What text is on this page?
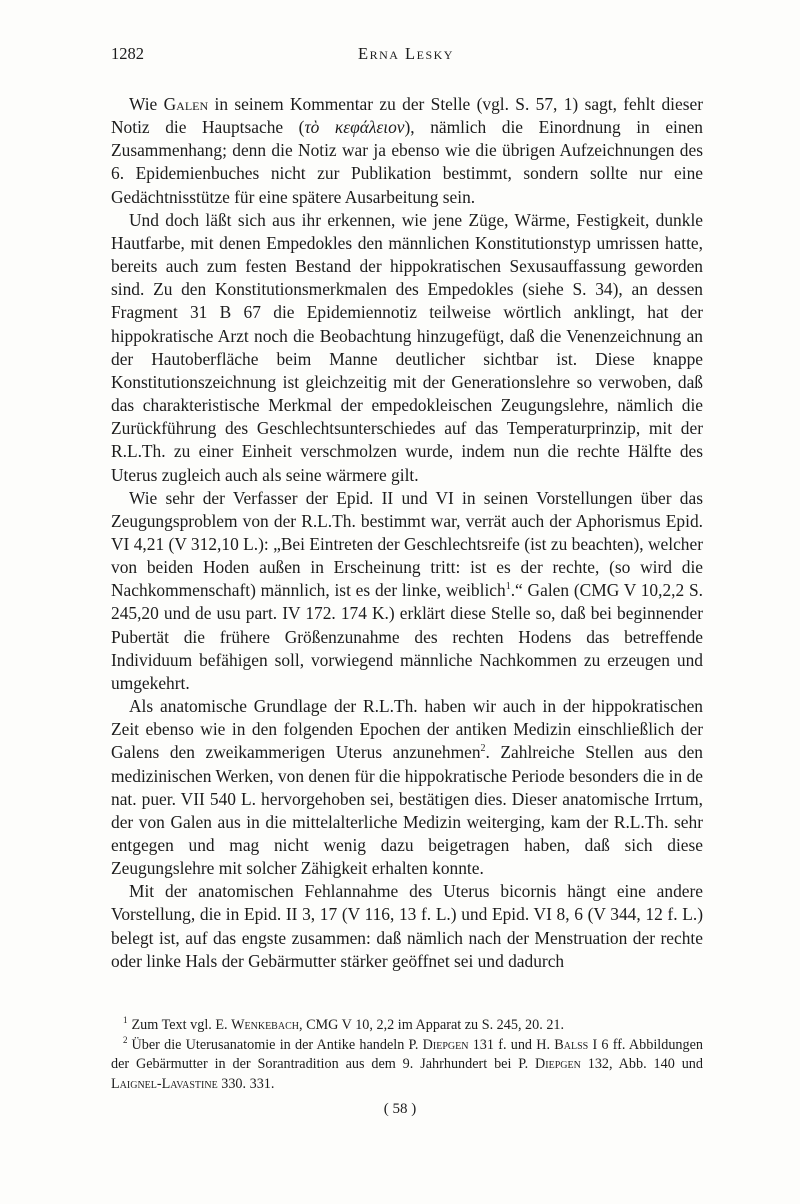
1282	Erna Lesky

Wie Galen in seinem Kommentar zu der Stelle (vgl. S. 57, 1) sagt, fehlt dieser Notiz die Hauptsache (τὸ κεφάλειον), nämlich die Einordnung in einen Zusammenhang; denn die Notiz war ja ebenso wie die übrigen Aufzeichnungen des 6. Epidemienbuches nicht zur Publikation bestimmt, sondern sollte nur eine Gedächtnisstütze für eine spätere Ausarbeitung sein.

Und doch läßt sich aus ihr erkennen, wie jene Züge, Wärme, Festigkeit, dunkle Hautfarbe, mit denen Empedokles den männlichen Konstitutionstyp umrissen hatte, bereits auch zum festen Bestand der hippokratischen Sexusauffassung geworden sind. Zu den Konstitutionsmerkmalen des Empedokles (siehe S. 34), an dessen Fragment 31 B 67 die Epidemiennotiz teilweise wörtlich anklingt, hat der hippokratische Arzt noch die Beobachtung hinzugefügt, daß die Venenzeichnung an der Hautoberfläche beim Manne deutlicher sichtbar ist. Diese knappe Konstitutionszeichnung ist gleichzeitig mit der Generationslehre so verwoben, daß das charakteristische Merkmal der empedokleischen Zeugungslehre, nämlich die Zurückführung des Geschlechtsunterschiedes auf das Temperaturprinzip, mit der R.L.Th. zu einer Einheit verschmolzen wurde, indem nun die rechte Hälfte des Uterus zugleich auch als seine wärmere gilt.

Wie sehr der Verfasser der Epid. II und VI in seinen Vorstellungen über das Zeugungsproblem von der R.L.Th. bestimmt war, verrät auch der Aphorismus Epid. VI 4,21 (V 312,10 L.): „Bei Eintreten der Geschlechtsreife (ist zu beachten), welcher von beiden Hoden außen in Erscheinung tritt: ist es der rechte, (so wird die Nachkommenschaft) männlich, ist es der linke, weiblich$^1$.“ Galen (CMG V 10,2,2 S. 245,20 und de usu part. IV 172. 174 K.) erklärt diese Stelle so, daß bei beginnender Pubertät die frühere Größenzunahme des rechten Hodens das betreffende Individuum befähigen soll, vorwiegend männliche Nachkommen zu erzeugen und umgekehrt.

Als anatomische Grundlage der R.L.Th. haben wir auch in der hippokratischen Zeit ebenso wie in den folgenden Epochen der antiken Medizin einschließlich der Galens den zweikammerigen Uterus anzunehmen$^2$. Zahlreiche Stellen aus den medizinischen Werken, von denen für die hippokratische Periode besonders die in de nat. puer. VII 540 L. hervorgehoben sei, bestätigen dies. Dieser anatomische Irrtum, der von Galen aus in die mittelalterliche Medizin weiterging, kam der R.L.Th. sehr entgegen und mag nicht wenig dazu beigetragen haben, daß sich diese Zeugungslehre mit solcher Zähigkeit erhalten konnte.

Mit der anatomischen Fehlannahme des Uterus bicornis hängt eine andere Vorstellung, die in Epid. II 3, 17 (V 116, 13 f. L.) und Epid. VI 8, 6 (V 344, 12 f. L.) belegt ist, auf das engste zusammen: daß nämlich nach der Menstruation der rechte oder linke Hals der Gebärmutter stärker geöffnet sei und dadurch

$^1$ Zum Text vgl. E. Wenkebach, CMG V 10, 2,2 im Apparat zu S. 245, 20. 21.

$^2$ Über die Uterusanatomie in der Antike handeln P. Diepgen 131 f. und H. Balss I 6 ff. Abbildungen der Gebärmutter in der Sorantradition aus dem 9. Jahrhundert bei P. Diepgen 132, Abb. 140 und Laignel-Lavastine 330. 331.

( 58 )
